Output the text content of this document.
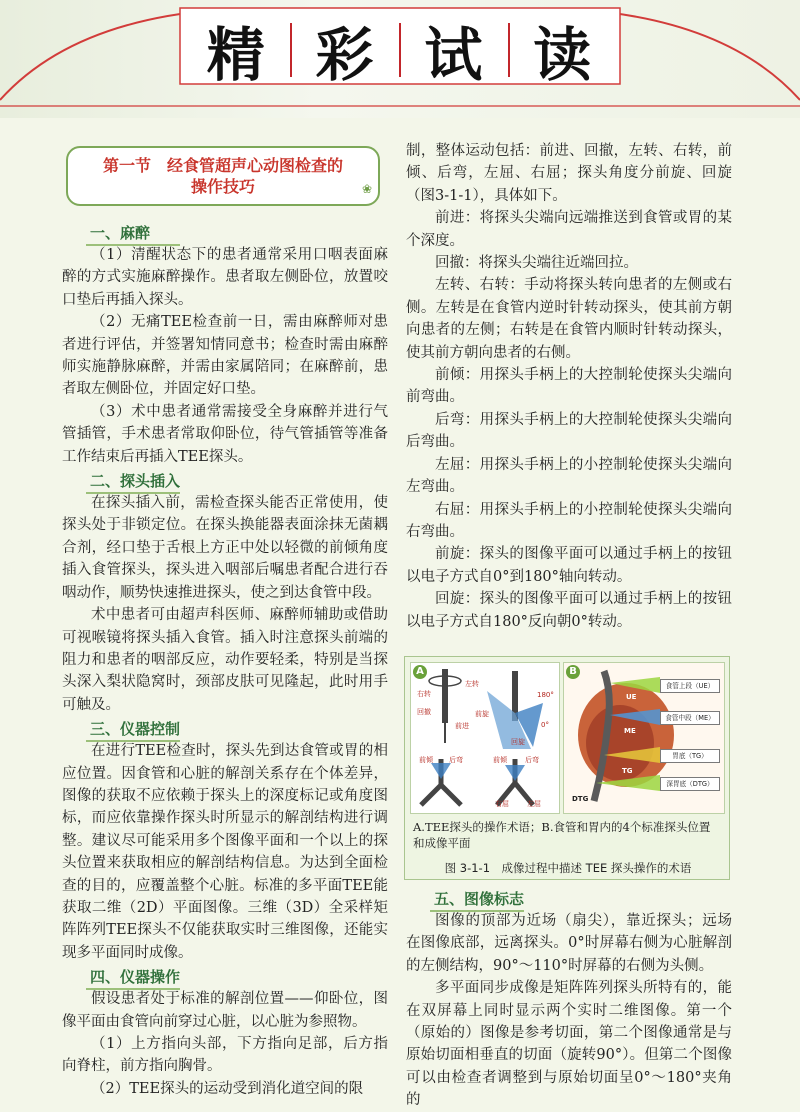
精 彩 试 读
第一节　经食管超声心动图检查的
操作技巧	❀
一、麻醉

（1）清醒状态下的患者通常采用口咽表面麻醉的方式实施麻醉操作。患者取左侧卧位，放置咬口垫后再插入探头。

（2）无痛TEE检查前一日，需由麻醉师对患者进行评估，并签署知情同意书；检查时需由麻醉师实施静脉麻醉，并需由家属陪同；在麻醉前，患者取左侧卧位，并固定好口垫。

（3）术中患者通常需接受全身麻醉并进行气管插管，手术患者常取仰卧位，待气管插管等准备工作结束后再插入TEE探头。

二、探头插入

在探头插入前，需检查探头能否正常使用，使探头处于非锁定位。在探头换能器表面涂抹无菌耦合剂，经口垫于舌根上方正中处以轻微的前倾角度插入食管探头，探头进入咽部后嘱患者配合进行吞咽动作，顺势快速推进探头，使之到达食管中段。

术中患者可由超声科医师、麻醉师辅助或借助可视喉镜将探头插入食管。插入时注意探头前端的阻力和患者的咽部反应，动作要轻柔，特别是当探头深入梨状隐窝时，颈部皮肤可见隆起，此时用手可触及。

三、仪器控制

在进行TEE检查时，探头先到达食管或胃的相应位置。因食管和心脏的解剖关系存在个体差异，图像的获取不应依赖于探头上的深度标记或角度图标，而应依靠操作探头时所显示的解剖结构进行调整。建议尽可能采用多个图像平面和一个以上的探头位置来获取相应的解剖结构信息。为达到全面检查的目的，应覆盖整个心脏。标准的多平面TEE能获取二维（2D）平面图像。三维（3D）全采样矩阵阵列TEE探头不仅能获取实时三维图像，还能实现多平面同时成像。

四、仪器操作

假设患者处于标准的解剖位置——仰卧位，图像平面由食管向前穿过心脏，以心脏为参照物。

（1）上方指向头部，下方指向足部，后方指向脊柱，前方指向胸骨。

（2）TEE探头的运动受到消化道空间的限

制，整体运动包括：前进、回撤，左转、右转，前倾、后弯，左屈、右屈；探头角度分前旋、回旋（图3-1-1），具体如下。

前进：将探头尖端向远端推送到食管或胃的某个深度。

回撤：将探头尖端往近端回拉。

左转、右转：手动将探头转向患者的左侧或右侧。左转是在食管内逆时针转动探头，使其前方朝向患者的左侧；右转是在食管内顺时针转动探头，使其前方朝向患者的右侧。

前倾：用探头手柄上的大控制轮使探头尖端向前弯曲。

后弯：用探头手柄上的大控制轮使探头尖端向后弯曲。

左屈：用探头手柄上的小控制轮使探头尖端向左弯曲。

右屈：用探头手柄上的小控制轮使探头尖端向右弯曲。

前旋：探头的图像平面可以通过手柄上的按钮以电子方式自0°到180°轴向转动。

回旋：探头的图像平面可以通过手柄上的按钮以电子方式自180°反向朝0°转动。

A
左转
右转
回撤
前进
前旋
回旋
180°
0°
前倾 后弯	前倾	后弯
右屈	左屈
B
UE
ME
TG
DTG
食管上段（UE）
食管中段（ME）
胃底（TG）
深胃底（DTG）
A.TEE探头的操作术语；B.食管和胃内的4个标准探头位置和成像平面
图 3-1-1　成像过程中描述 TEE 探头操作的术语
五、图像标志

图像的顶部为近场（扇尖），靠近探头；远场在图像底部，远离探头。0°时屏幕右侧为心脏解剖的左侧结构，90°～110°时屏幕的右侧为头侧。

多平面同步成像是矩阵阵列探头所特有的，能在双屏幕上同时显示两个实时二维图像。第一个（原始的）图像是参考切面，第二个图像通常是与原始切面相垂直的切面（旋转90°）。但第二个图像可以由检查者调整到与原始切面呈0°～180°夹角的
